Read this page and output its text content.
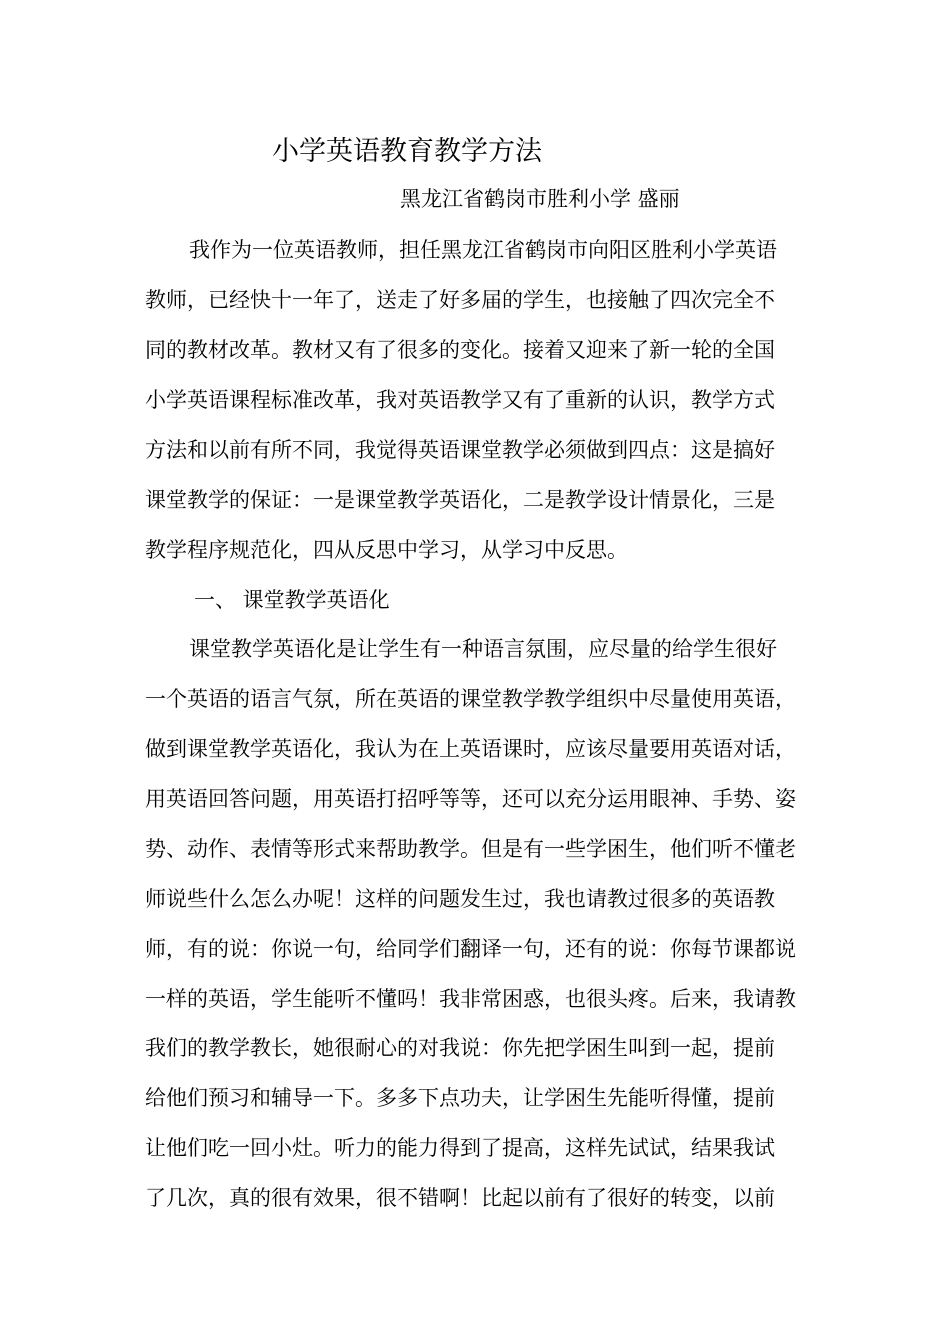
小学英语教育教学方法
黑龙江省鹤岗市胜利小学 盛丽
我作为一位英语教师，担任黑龙江省鹤岗市向阳区胜利小学英语
教师，已经快十一年了，送走了好多届的学生，也接触了四次完全不
同的教材改革。教材又有了很多的变化。接着又迎来了新一轮的全国
小学英语课程标准改革，我对英语教学又有了重新的认识，教学方式
方法和以前有所不同，我觉得英语课堂教学必须做到四点：这是搞好
课堂教学的保证：一是课堂教学英语化，二是教学设计情景化，三是
教学程序规范化，四从反思中学习，从学习中反思。
一、 课堂教学英语化
课堂教学英语化是让学生有一种语言氛围，应尽量的给学生很好
一个英语的语言气氛，所在英语的课堂教学教学组织中尽量使用英语，
做到课堂教学英语化，我认为在上英语课时，应该尽量要用英语对话，
用英语回答问题，用英语打招呼等等，还可以充分运用眼神、手势、姿
势、动作、表情等形式来帮助教学。但是有一些学困生，他们听不懂老
师说些什么怎么办呢！这样的问题发生过，我也请教过很多的英语教
师，有的说：你说一句，给同学们翻译一句，还有的说：你每节课都说
一样的英语，学生能听不懂吗！我非常困惑，也很头疼。后来，我请教
我们的教学教长，她很耐心的对我说：你先把学困生叫到一起，提前
给他们预习和辅导一下。多多下点功夫，让学困生先能听得懂，提前
让他们吃一回小灶。听力的能力得到了提高，这样先试试，结果我试
了几次，真的很有效果，很不错啊！比起以前有了很好的转变，以前
